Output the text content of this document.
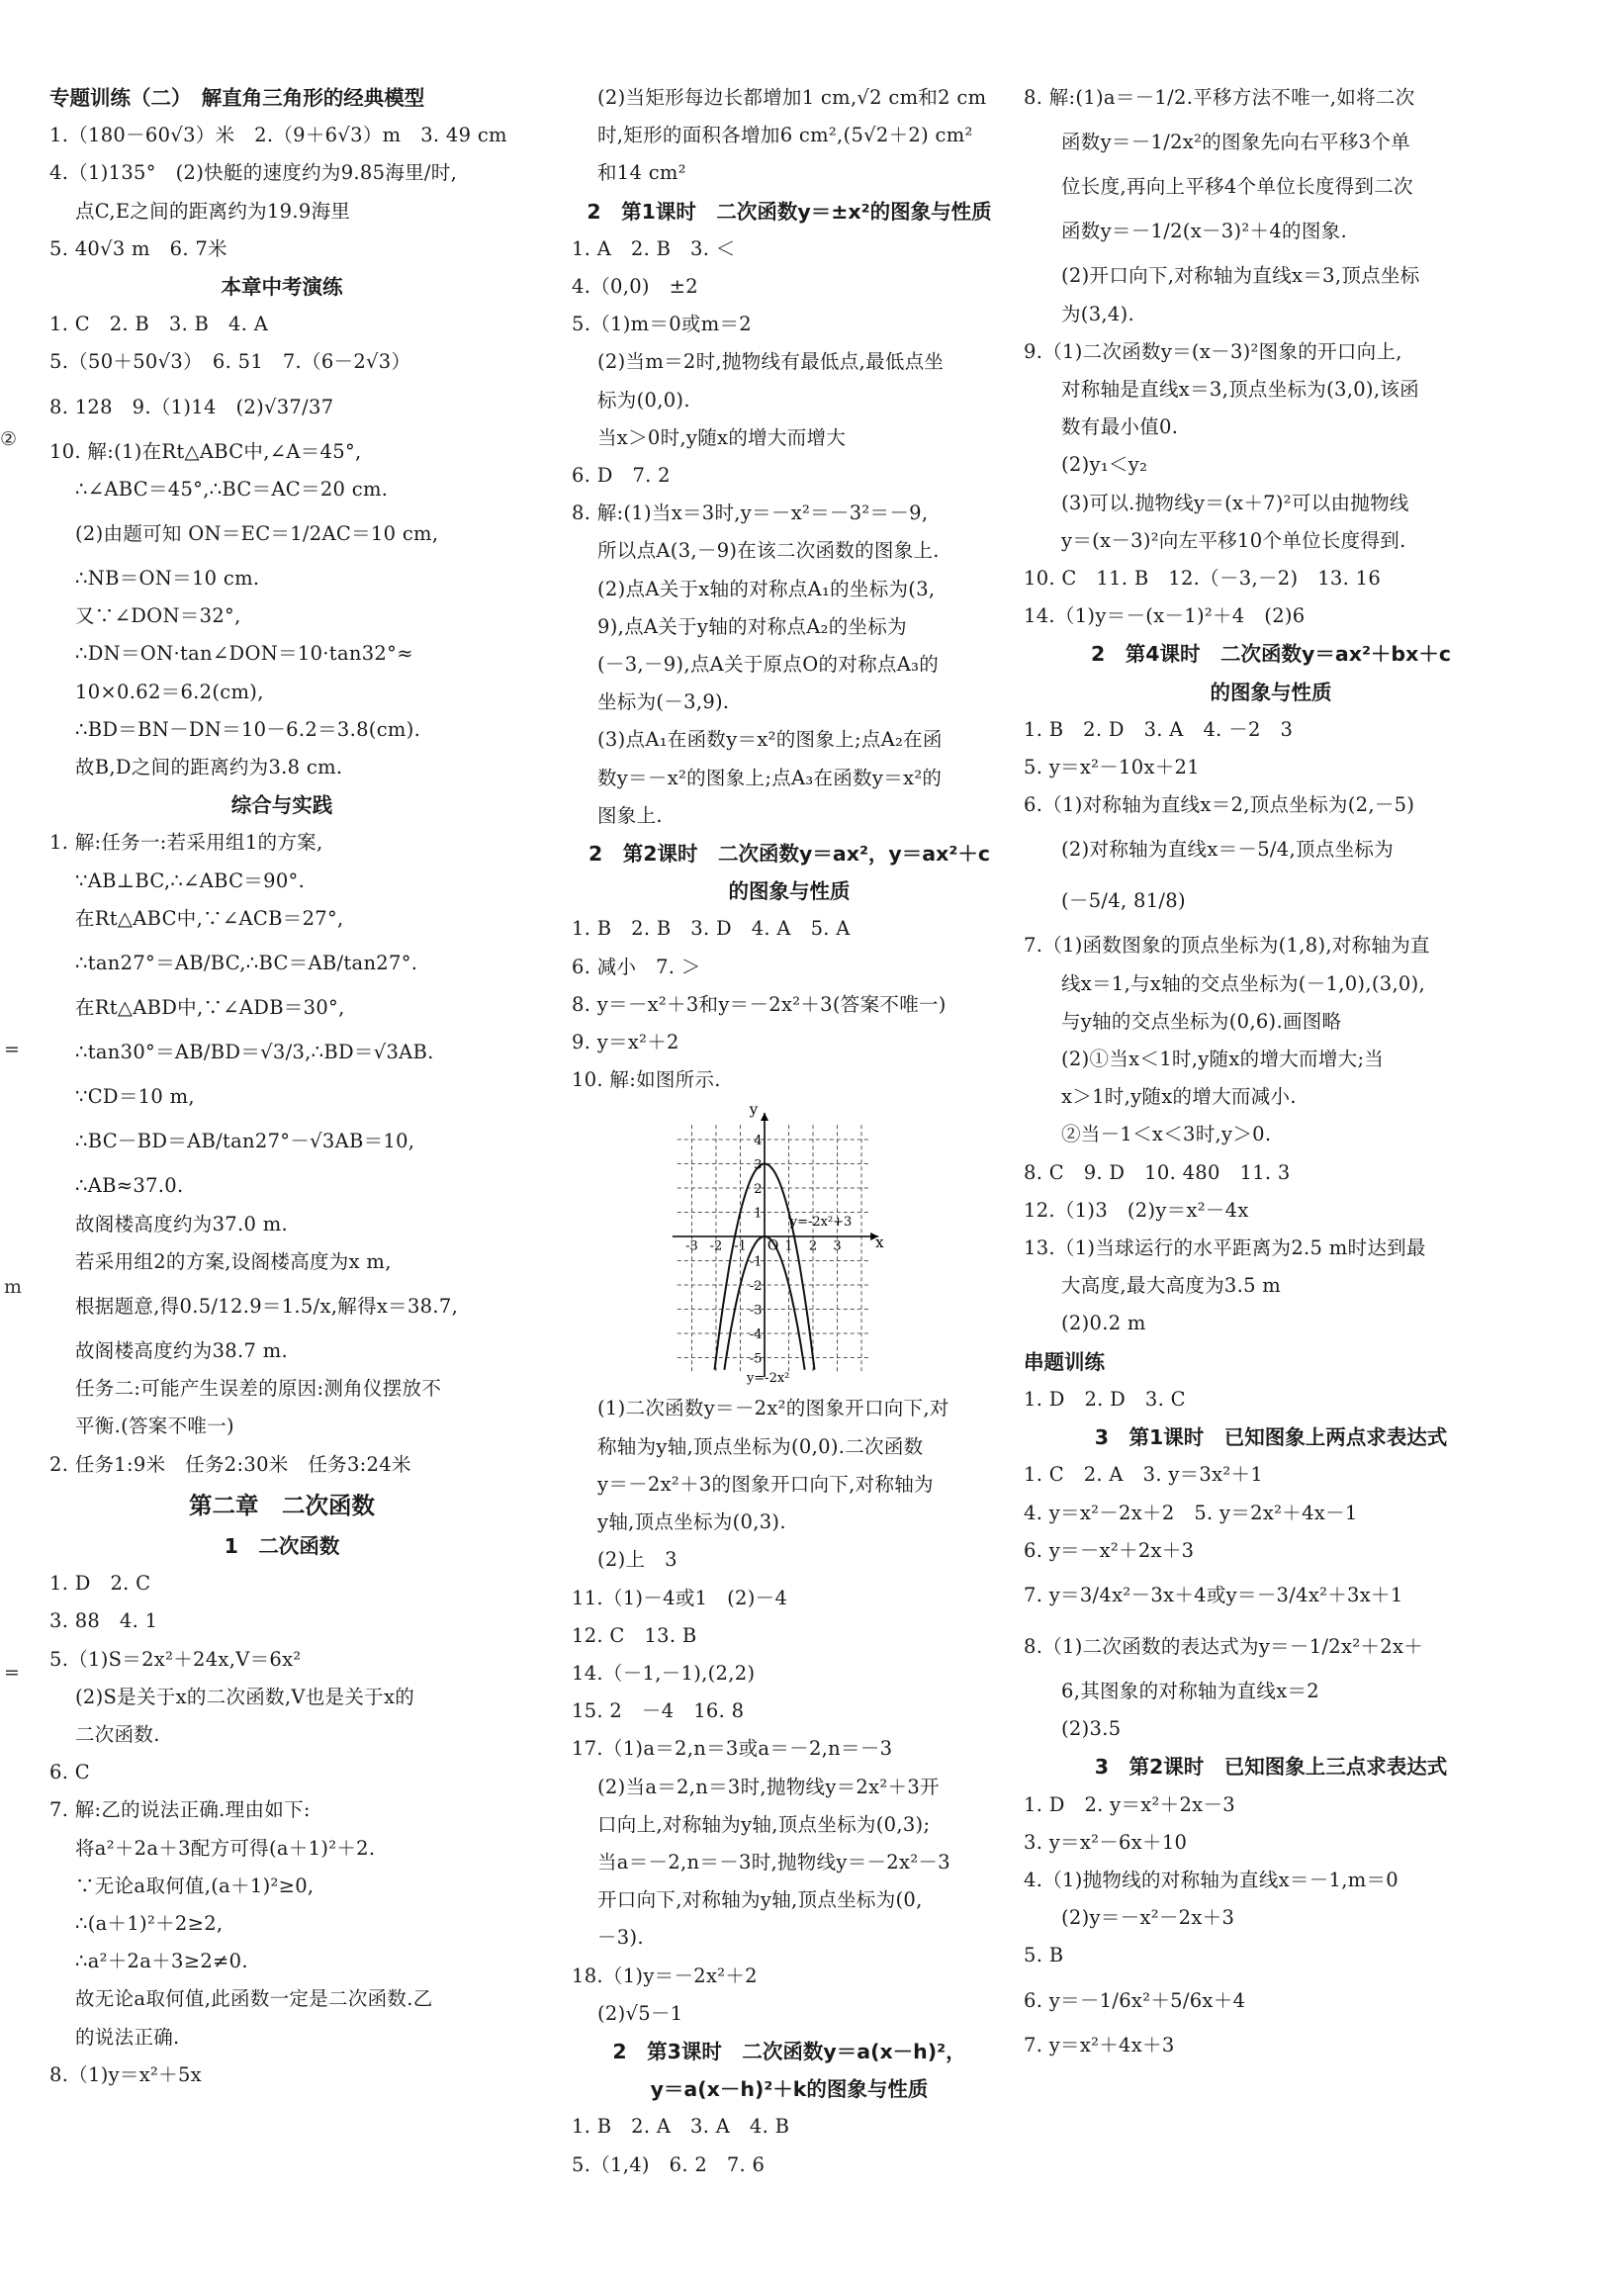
②
=
m
=
专题训练（二）　解直角三角形的经典模型
1.（180－60√3）米　2.（9＋6√3）m　3. 49 cm
4.（1)135°　(2)快艇的速度约为9.85海里/时,
点C,E之间的距离约为19.9海里
5. 40√3 m　6. 7米
本章中考演练
1. C　2. B　3. B　4. A
5.（50＋50√3）　6. 51　7.（6－2√3）
8. 128　9.（1)14　(2)√37/37
10. 解:(1)在Rt△ABC中,∠A＝45°,
∴∠ABC＝45°,∴BC＝AC＝20 cm.
(2)由题可知 ON＝EC＝1/2AC＝10 cm,
∴NB＝ON＝10 cm.
又∵∠DON＝32°,
∴DN＝ON·tan∠DON＝10·tan32°≈
10×0.62＝6.2(cm),
∴BD＝BN－DN＝10－6.2＝3.8(cm).
故B,D之间的距离约为3.8 cm.
综合与实践
1. 解:任务一:若采用组1的方案,
∵AB⊥BC,∴∠ABC＝90°.
在Rt△ABC中,∵∠ACB＝27°,
∴tan27°＝AB/BC,∴BC＝AB/tan27°.
在Rt△ABD中,∵∠ADB＝30°,
∴tan30°＝AB/BD＝√3/3,∴BD＝√3AB.
∵CD＝10 m,
∴BC－BD＝AB/tan27°－√3AB＝10,
∴AB≈37.0.
故阁楼高度约为37.0 m.
若采用组2的方案,设阁楼高度为x m,
根据题意,得0.5/12.9＝1.5/x,解得x＝38.7,
故阁楼高度约为38.7 m.
任务二:可能产生误差的原因:测角仪摆放不
平衡.(答案不唯一)
2. 任务1:9米　任务2:30米　任务3:24米
第二章　二次函数
1　二次函数
1. D　2. C
3. 88　4. 1
5.（1)S＝2x²＋24x,V＝6x²
(2)S是关于x的二次函数,V也是关于x的
二次函数.
6. C
7. 解:乙的说法正确.理由如下:
将a²＋2a＋3配方可得(a＋1)²＋2.
∵无论a取何值,(a＋1)²≥0,
∴(a＋1)²＋2≥2,
∴a²＋2a＋3≥2≠0.
故无论a取何值,此函数一定是二次函数.乙
的说法正确.
8.（1)y＝x²＋5x
(2)当矩形每边长都增加1 cm,√2 cm和2 cm
时,矩形的面积各增加6 cm²,(5√2＋2) cm²
和14 cm²
2　第1课时　二次函数y＝±x²的图象与性质
1. A　2. B　3. ＜
4.（0,0)　±2
5.（1)m＝0或m＝2
(2)当m＝2时,抛物线有最低点,最低点坐
标为(0,0).
当x＞0时,y随x的增大而增大
6. D　7. 2
8. 解:(1)当x＝3时,y＝－x²＝－3²＝－9,
所以点A(3,－9)在该二次函数的图象上.
(2)点A关于x轴的对称点A₁的坐标为(3,
9),点A关于y轴的对称点A₂的坐标为
(－3,－9),点A关于原点O的对称点A₃的
坐标为(－3,9).
(3)点A₁在函数y＝x²的图象上;点A₂在函
数y＝－x²的图象上;点A₃在函数y＝x²的
图象上.
2　第2课时　二次函数y＝ax²，y＝ax²＋c
的图象与性质
1. B　2. B　3. D　4. A　5. A
6. 减小　7. ＞
8. y＝－x²＋3和y＝－2x²＋3(答案不唯一)
9. y＝x²＋2
10. 解:如图所示.
x
y
O
-3 -2 -1	1 2 3
4
3
2
1
-1
-2
-3
-4
-5
y=-2x²+3
y=-2x²
(1)二次函数y＝－2x²的图象开口向下,对
称轴为y轴,顶点坐标为(0,0).二次函数
y＝－2x²＋3的图象开口向下,对称轴为
y轴,顶点坐标为(0,3).
(2)上　3
11.（1)－4或1　(2)－4
12. C　13. B
14.（－1,－1),(2,2)
15. 2　－4　16. 8
17.（1)a＝2,n＝3或a＝－2,n＝－3
(2)当a＝2,n＝3时,抛物线y＝2x²＋3开
口向上,对称轴为y轴,顶点坐标为(0,3);
当a＝－2,n＝－3时,抛物线y＝－2x²－3
开口向下,对称轴为y轴,顶点坐标为(0,
－3).
18.（1)y＝－2x²＋2
(2)√5－1
2　第3课时　二次函数y＝a(x－h)²，
y＝a(x－h)²＋k的图象与性质
1. B　2. A　3. A　4. B
5.（1,4)　6. 2　7. 6
8. 解:(1)a＝－1/2.平移方法不唯一,如将二次
函数y＝－1/2x²的图象先向右平移3个单
位长度,再向上平移4个单位长度得到二次
函数y＝－1/2(x－3)²＋4的图象.
(2)开口向下,对称轴为直线x＝3,顶点坐标
为(3,4).
9.（1)二次函数y＝(x－3)²图象的开口向上,
对称轴是直线x＝3,顶点坐标为(3,0),该函
数有最小值0.
(2)y₁＜y₂
(3)可以.抛物线y＝(x＋7)²可以由抛物线
y＝(x－3)²向左平移10个单位长度得到.
10. C　11. B　12.（－3,－2)　13. 16
14.（1)y＝－(x－1)²＋4　(2)6
2　第4课时　二次函数y＝ax²＋bx＋c
的图象与性质
1. B　2. D　3. A　4. －2　3
5. y＝x²－10x＋21
6.（1)对称轴为直线x＝2,顶点坐标为(2,－5)
(2)对称轴为直线x＝－5/4,顶点坐标为
(－5/4, 81/8)
7.（1)函数图象的顶点坐标为(1,8),对称轴为直
线x＝1,与x轴的交点坐标为(－1,0),(3,0),
与y轴的交点坐标为(0,6).画图略
(2)①当x＜1时,y随x的增大而增大;当
x＞1时,y随x的增大而减小.
②当－1＜x＜3时,y＞0.
8. C　9. D　10. 480　11. 3
12.（1)3　(2)y＝x²－4x
13.（1)当球运行的水平距离为2.5 m时达到最
大高度,最大高度为3.5 m
(2)0.2 m
串题训练
1. D　2. D　3. C
3　第1课时　已知图象上两点求表达式
1. C　2. A　3. y＝3x²＋1
4. y＝x²－2x＋2　5. y＝2x²＋4x－1
6. y＝－x²＋2x＋3
7. y＝3/4x²－3x＋4或y＝－3/4x²＋3x＋1
8.（1)二次函数的表达式为y＝－1/2x²＋2x＋
6,其图象的对称轴为直线x＝2
(2)3.5
3　第2课时　已知图象上三点求表达式
1. D　2. y＝x²＋2x－3
3. y＝x²－6x＋10
4.（1)抛物线的对称轴为直线x＝－1,m＝0
(2)y＝－x²－2x＋3
5. B
6. y＝－1/6x²＋5/6x＋4
7. y＝x²＋4x＋3
